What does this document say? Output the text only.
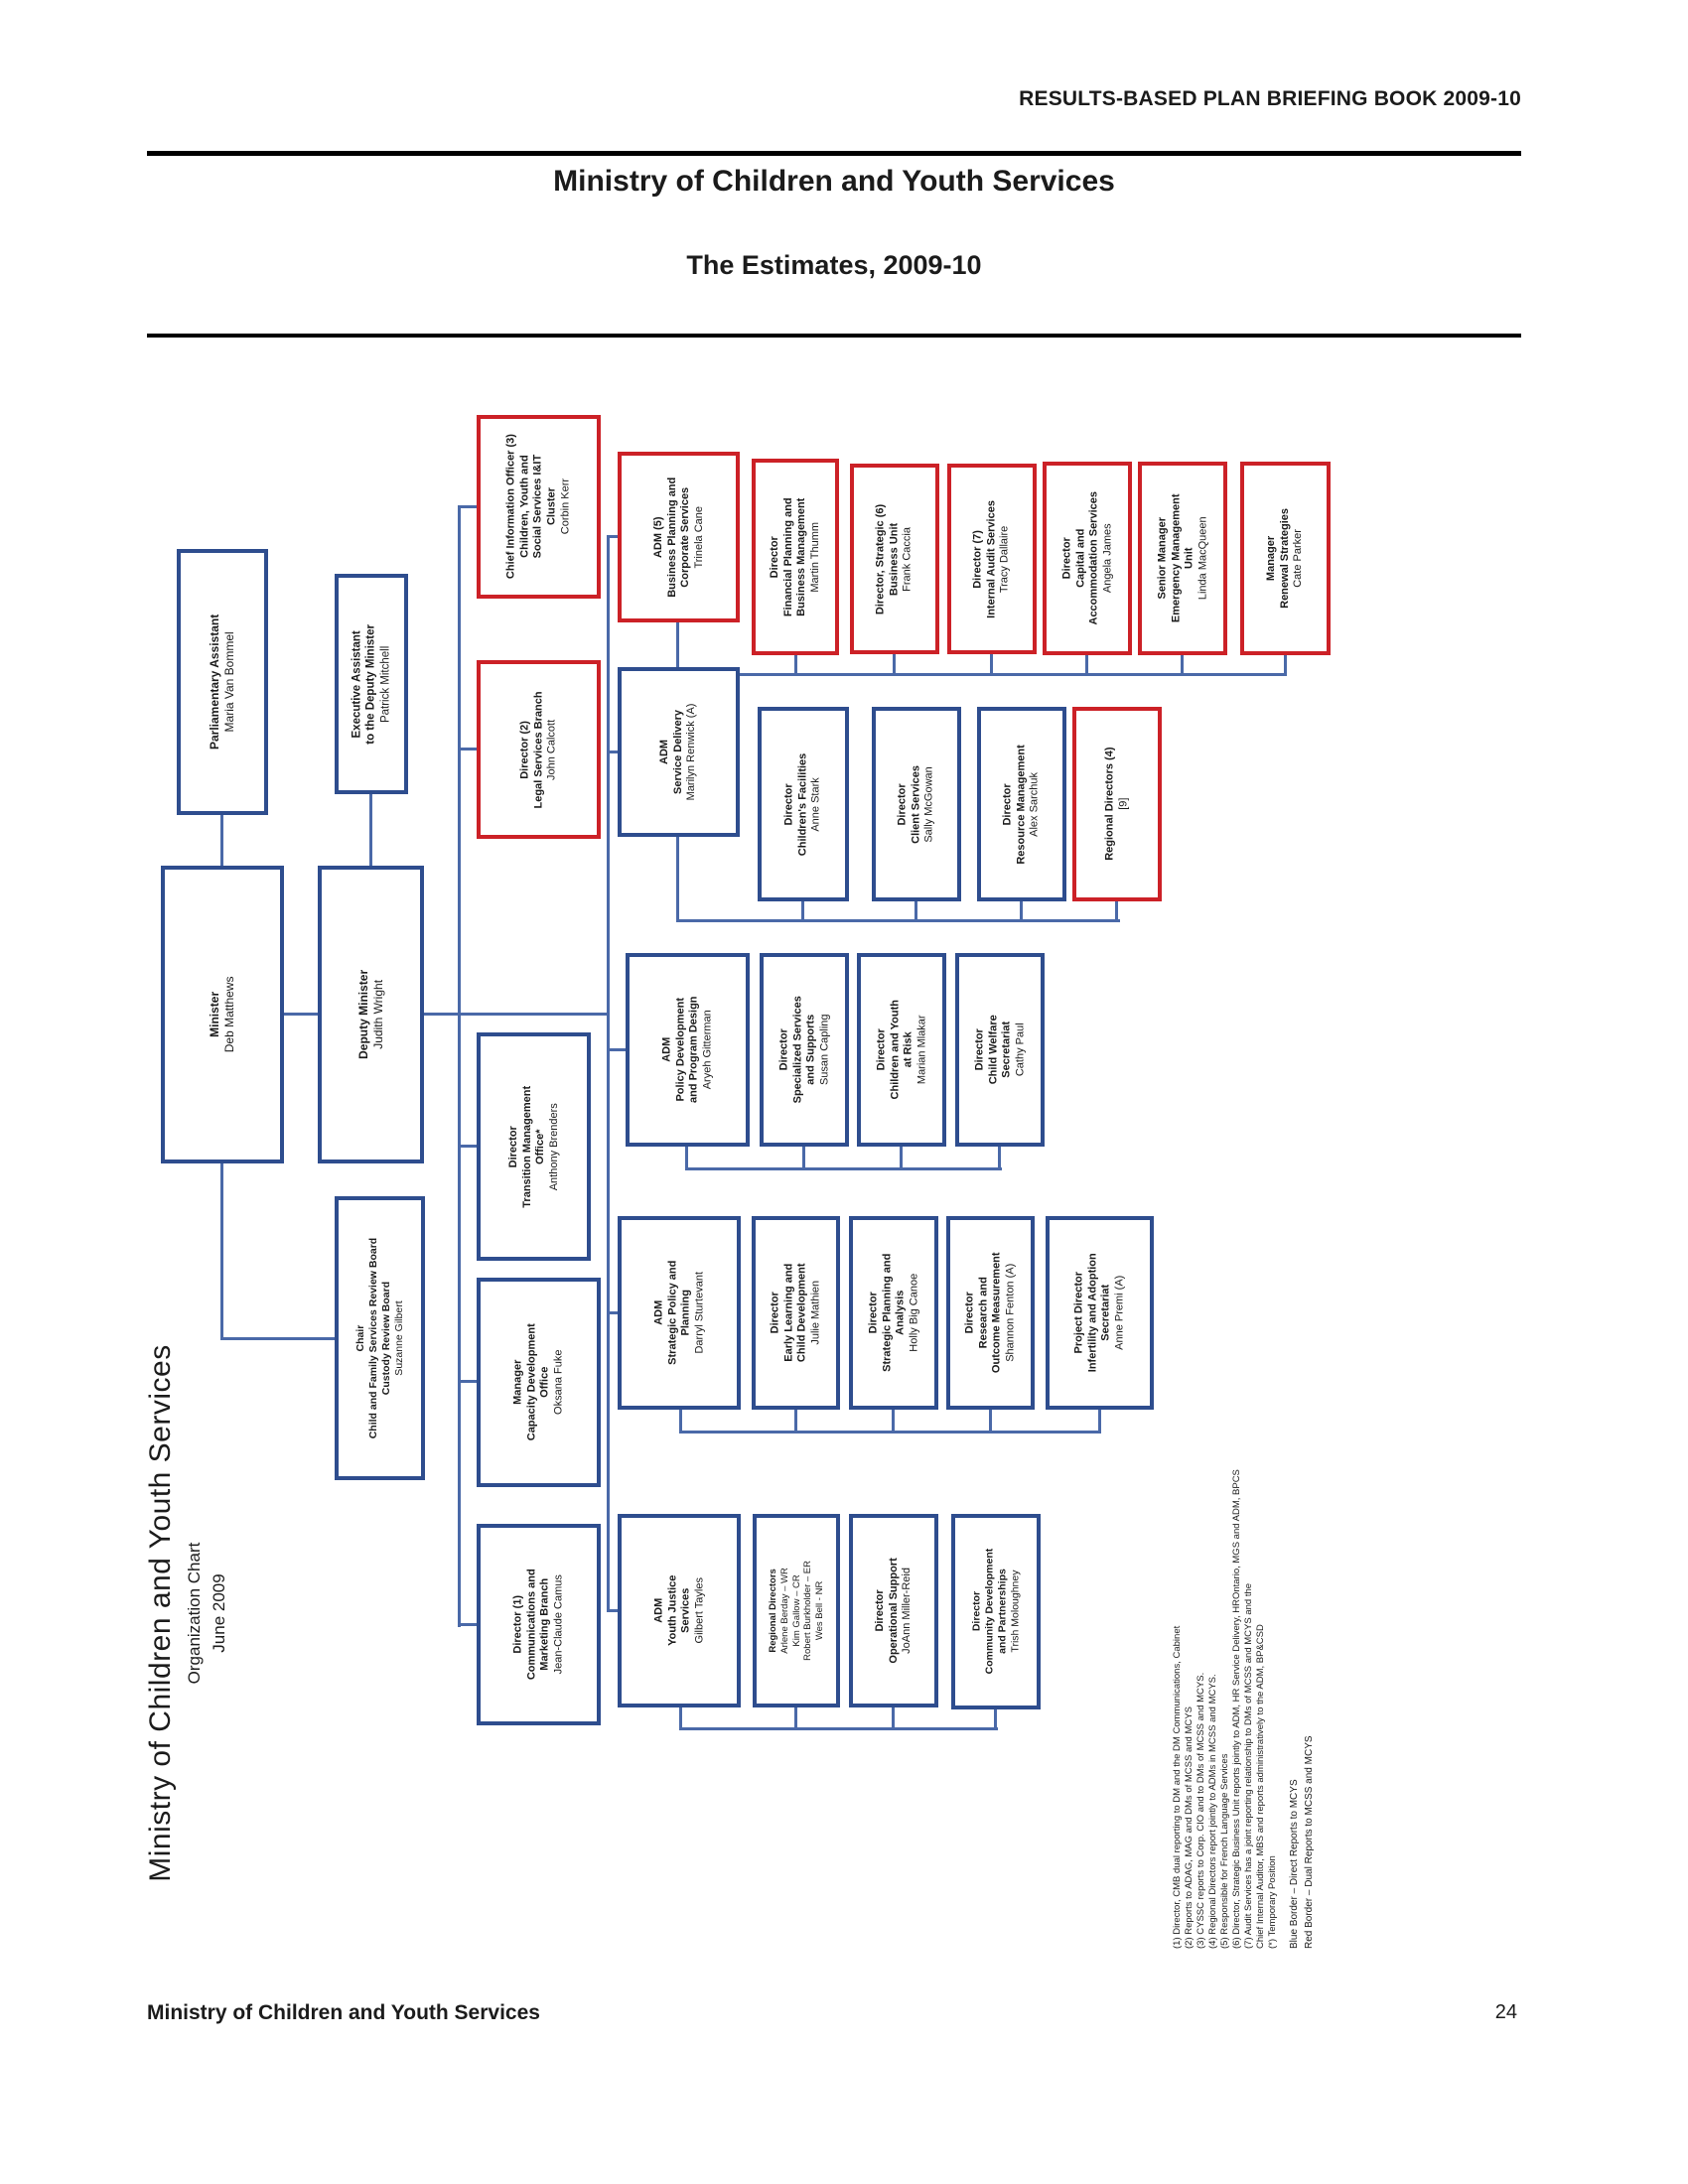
RESULTS-BASED PLAN BRIEFING BOOK 2009-10
Ministry of Children and Youth Services
The Estimates, 2009-10
Parliamentary Assistant Maria Van Bommel	Executive Assistant to the Deputy Minister Patrick Mitchell
Minister Deb Matthews	Deputy Minister Judith Wright
Chair Child and Family Services Review Board Custody Review Board Suzanne Gilbert
Chief Information Officer (3) Children, Youth and Social Services I&IT Cluster Corbin Kerr
Director (2) Legal Services Branch John Calcott
Director Transition Management Office* Anthony Brenders
Manager Capacity Development Office Oksana Fuke
Director (1) Communications and Marketing Branch Jean-Claude Camus
ADM (5) Business Planning and Corporate Services Trinela Cane	Director Financial Planning and Business Management Martin Thumm	Director, Strategic (6) Business Unit Frank Caccia	Director (7) Internal Audit Services Tracy Dallaire	Director Capital and Accommodation Services Angela James	Senior Manager Emergency Management Unit Linda MacQueen	Manager Renewal Strategies Cate Parker
ADM Service Delivery Marilyn Renwick (A)
Director Children's Facilities Anne Stark	Director Client Services Sally McGowan	Director Resource Management Alex Sarchuk	Regional Directors (4) [9]
ADM Policy Development and Program Design Aryeh Gitterman	Director Specialized Services and Supports Susan Capling	Director Children and Youth at Risk Marian Mlakar	Director Child Welfare Secretariat Cathy Paul
ADM Strategic Policy and Planning Darryl Sturtevant	Director Early Learning and Child Development Julie Mathien	Director Strategic Planning and Analysis Holly Big Canoe	Director Research and Outcome Measurement Shannon Fenton (A)	Project Director Infertility and Adoption Secretariat Anne Premi (A)
ADM Youth Justice Services Gilbert Tayles	Regional Directors Arlene Berday – WR Kim Gallow – CR Robert Burkholder – ER Wes Bell - NR	Director Operational Support JoAnn Miller-Reid	Director Community Development and Partnerships Trish Moloughney
Ministry of Children and Youth Services Organization Chart June 2009
(1) Director, CMB dual reporting to DM and the DM Communications, Cabinet (2) Reports to ADAG, MAG and DMs of MCSS and MCYS (3) CYSSC reports to Corp. CIO and to DMs of MCSS and MCYS. (4) Regional Directors report jointly to ADMs in MCSS and MCYS. (5) Responsible for French Language Services (6) Director, Strategic Business Unit reports jointly to ADM, HR Service Delivery, HROntario, MGS and ADM, BPCS (7) Audit Services has a joint reporting relationship to DMs of MCSS and MCYS and the Chief Internal Auditor, MBS and reports administratively to the ADM, BP&CSD (*) Temporary Position Blue Border – Direct Reports to MCYS Red Border – Dual Reports to MCSS and MCYS
Ministry of Children and Youth Services	24
